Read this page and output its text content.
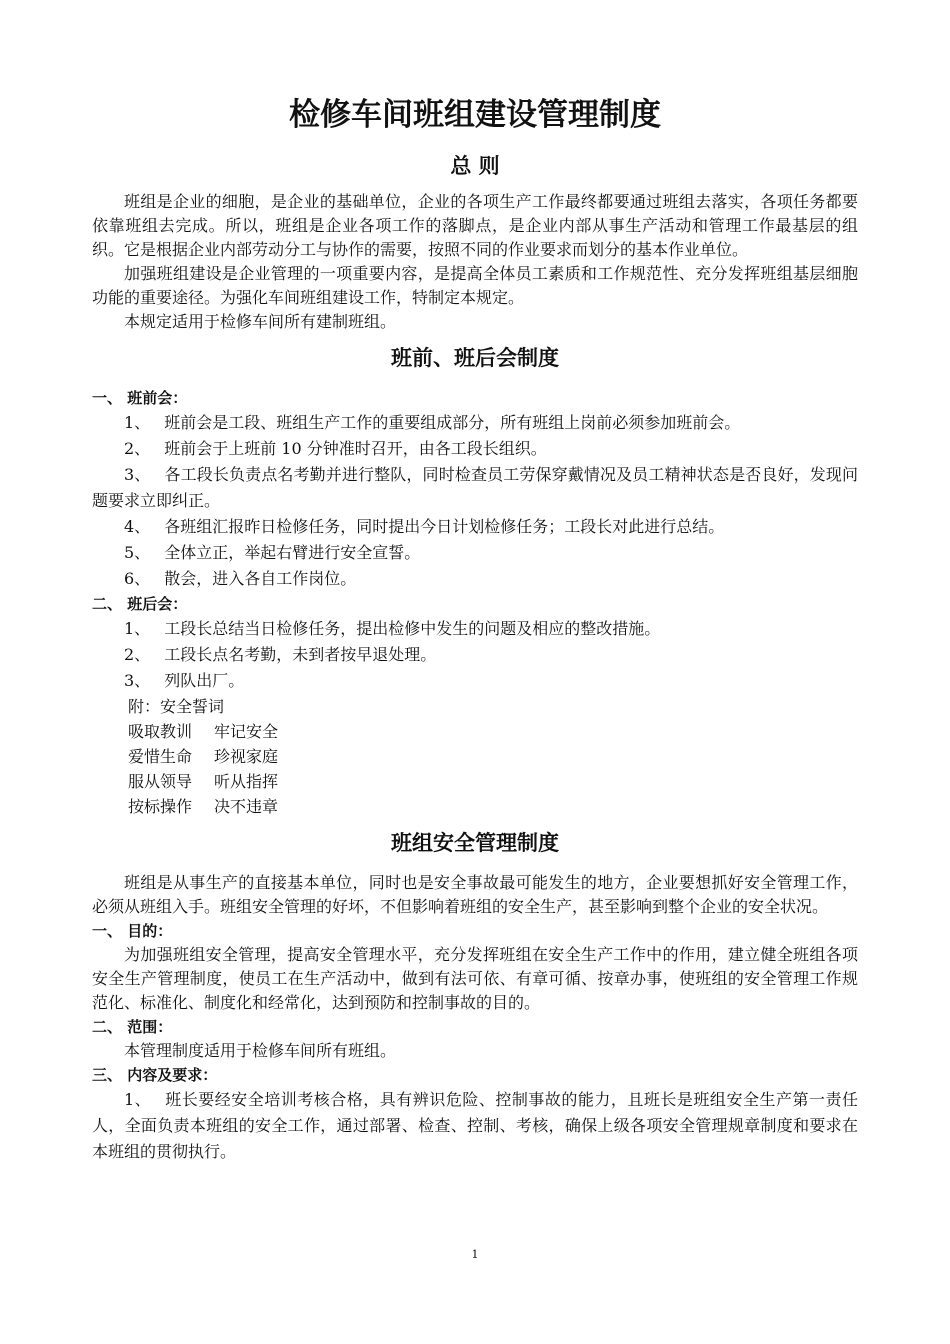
检修车间班组建设管理制度
总 则

班组是企业的细胞，是企业的基础单位，企业的各项生产工作最终都要通过班组去落实，各项任务都要依靠班组去完成。所以，班组是企业各项工作的落脚点，是企业内部从事生产活动和管理工作最基层的组织。它是根据企业内部劳动分工与协作的需要，按照不同的作业要求而划分的基本作业单位。

加强班组建设是企业管理的一项重要内容，是提高全体员工素质和工作规范性、充分发挥班组基层细胞功能的重要途径。为强化车间班组建设工作，特制定本规定。

本规定适用于检修车间所有建制班组。

班前、班后会制度

一、 班前会：

1、 班前会是工段、班组生产工作的重要组成部分，所有班组上岗前必须参加班前会。

2、 班前会于上班前 10 分钟准时召开，由各工段长组织。

3、 各工段长负责点名考勤并进行整队，同时检查员工劳保穿戴情况及员工精神状态是否良好，发现问题要求立即纠正。

4、 各班组汇报昨日检修任务，同时提出今日计划检修任务；工段长对此进行总结。

5、 全体立正，举起右臂进行安全宣誓。

6、 散会，进入各自工作岗位。

二、 班后会：

1、 工段长总结当日检修任务，提出检修中发生的问题及相应的整改措施。

2、 工段长点名考勤，未到者按早退处理。

3、 列队出厂。

附：安全誓词

吸取教训 牢记安全

爱惜生命 珍视家庭

服从领导 听从指挥

按标操作 决不违章

班组安全管理制度

班组是从事生产的直接基本单位，同时也是安全事故最可能发生的地方，企业要想抓好安全管理工作，必须从班组入手。班组安全管理的好坏，不但影响着班组的安全生产，甚至影响到整个企业的安全状况。

一、 目的：

为加强班组安全管理，提高安全管理水平，充分发挥班组在安全生产工作中的作用，建立健全班组各项安全生产管理制度，使员工在生产活动中，做到有法可依、有章可循、按章办事，使班组的安全管理工作规范化、标准化、制度化和经常化，达到预防和控制事故的目的。

二、 范围：

本管理制度适用于检修车间所有班组。

三、 内容及要求：

1、 班长要经安全培训考核合格，具有辨识危险、控制事故的能力，且班长是班组安全生产第一责任人，全面负责本班组的安全工作，通过部署、检查、控制、考核，确保上级各项安全管理规章制度和要求在本班组的贯彻执行。

1
